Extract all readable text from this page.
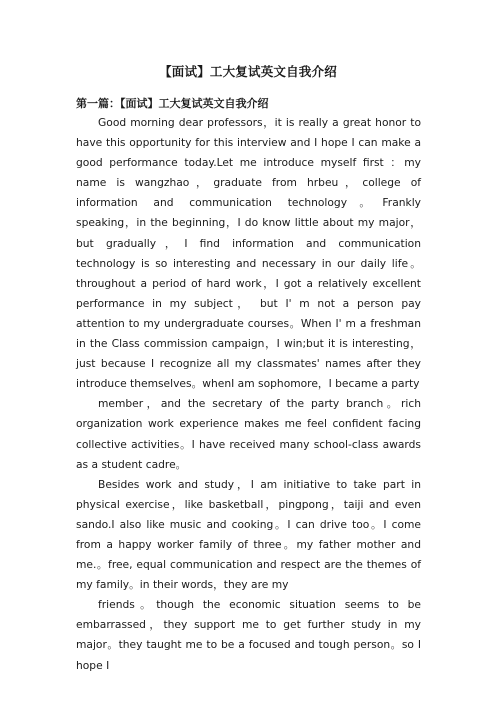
【面试】工大复试英文自我介绍
第一篇：【面试】工大复试英文自我介绍

Good morning dear professors，it is really a great honor to have this opportunity for this interview and I hope I can make a good performance today.Let me introduce myself first ：my name is wangzhao，graduate from hrbeu，college of information and communication technology。Frankly speaking，in the beginning，I do know little about my major，but gradually，I find information and communication technology is so interesting and necessary in our daily life。throughout a period of hard work，I got a relatively excellent performance in my subject， but I' m not a person pay attention to my undergraduate courses。When I' m a freshman in the Class commission campaign，I win;but it is interesting，just because I recognize all my classmates' names after they introduce themselves。whenI am sophomore，I became a party

member，and the secretary of the party branch。rich organization work experience makes me feel confident facing collective activities。I have received many school-class awards as a student cadre。

Besides work and study，I am initiative to take part in physical exercise，like basketball，pingpong，taiji and even sando.I also like music and cooking。I can drive too。I come from a happy worker family of three。my father mother and me.。free, equal communication and respect are the themes of my family。in their words，they are my

friends。though the economic situation seems to be embarrassed，they support me to get further study in my major。they taught me to be a focused and tough person。so I hope I
